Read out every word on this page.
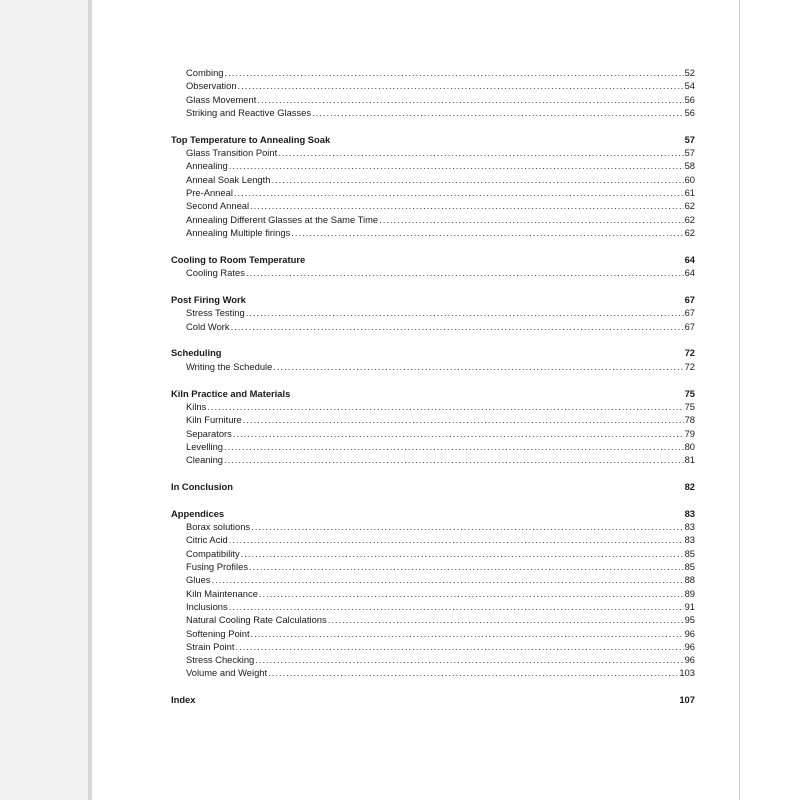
Combing .....	52
Observation .....	54
Glass Movement .....	56
Striking and Reactive Glasses .....	56
Top Temperature to Annealing Soak	57
Glass Transition Point .....	57
Annealing .....	58
Anneal Soak Length .....	60
Pre-Anneal .....	61
Second Anneal .....	62
Annealing Different Glasses at the Same Time .....	62
Annealing Multiple firings .....	62
Cooling to Room Temperature	64
Cooling Rates .....	64
Post Firing Work	67
Stress Testing .....	67
Cold Work .....	67
Scheduling	72
Writing the Schedule .....	72
Kiln Practice and Materials	75
Kilns .....	75
Kiln Furniture .....	78
Separators .....	79
Levelling .....	80
Cleaning .....	81
In Conclusion	82
Appendices	83
Borax solutions .....	83
Citric Acid .....	83
Compatibility .....	85
Fusing Profiles .....	85
Glues .....	88
Kiln Maintenance .....	89
Inclusions .....	91
Natural Cooling Rate Calculations .....	95
Softening Point .....	96
Strain Point .....	96
Stress Checking .....	96
Volume and Weight .....	103
Index	107
